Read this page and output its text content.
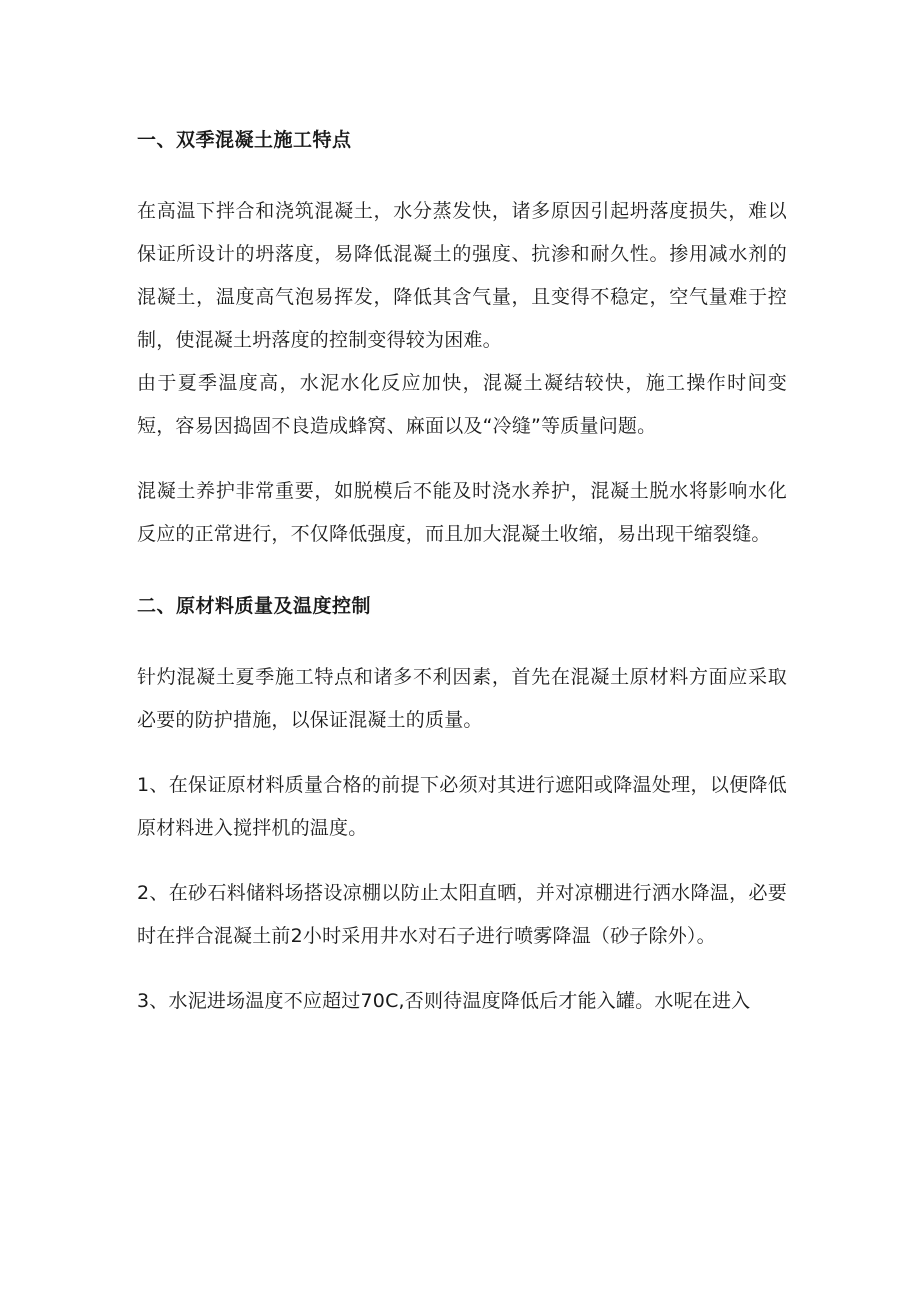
一、双季混凝土施工特点

在高温下拌合和浇筑混凝土，水分蒸发快，诸多原因引起坍落度损失，难以保证所设计的坍落度，易降低混凝土的强度、抗渗和耐久性。掺用减水剂的混凝土，温度高气泡易挥发，降低其含气量，且变得不稳定，空气量难于控制，使混凝土坍落度的控制变得较为困难。

由于夏季温度高，水泥水化反应加快，混凝土凝结较快，施工操作时间变短，容易因捣固不良造成蜂窝、麻面以及“冷缝”等质量问题。

混凝土养护非常重要，如脱模后不能及时浇水养护，混凝土脱水将影响水化反应的正常进行，不仅降低强度，而且加大混凝土收缩，易出现干缩裂缝。

二、原材料质量及温度控制

针灼混凝土夏季施工特点和诸多不利因素，首先在混凝土原材料方面应采取必要的防护措施，以保证混凝土的质量。

1、在保证原材料质量合格的前提下必须对其进行遮阳或降温处理，以便降低原材料进入搅拌机的温度。

2、在砂石料储料场搭设凉棚以防止太阳直晒，并对凉棚进行洒水降温，必要时在拌合混凝土前2小时采用井水对石子进行喷雾降温（砂子除外）。

3、水泥进场温度不应超过70C,否则待温度降低后才能入罐。水呢在进入
